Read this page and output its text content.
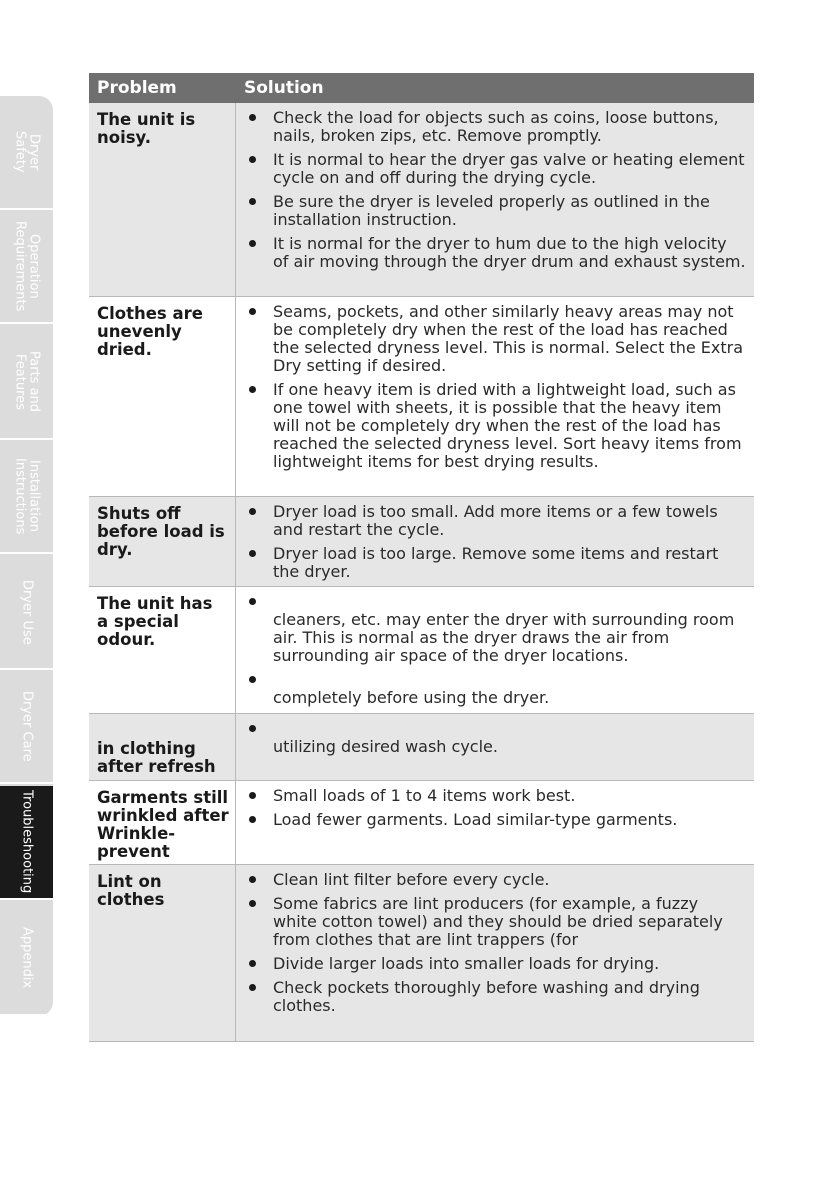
Dryer
Safety
Operation
Requirements
Parts and
Features
Installation
Instructions
Dryer Use
Dryer Care
Troubleshooting
Appendix
Problem	Solution
The unit is noisy.
Check the load for objects such as coins, loose buttons, nails, broken zips, etc. Remove promptly.
It is normal to hear the dryer gas valve or heating element cycle on and off during the drying cycle.
Be sure the dryer is leveled properly as outlined in the installation instruction.
It is normal for the dryer to hum due to the high velocity of air moving through the dryer drum and exhaust system.
Clothes are unevenly dried.
Seams, pockets, and other similarly heavy areas may not be completely dry when the rest of the load has reached the selected dryness level. This is normal. Select the Extra Dry setting if desired.
If one heavy item is dried with a lightweight load, such as one towel with sheets, it is possible that the heavy item will not be completely dry when the rest of the load has reached the selected dryness level. Sort heavy items from lightweight items for best drying results.
Shuts off before load is dry.
Dryer load is too small. Add more items or a few towels and restart the cycle.
Dryer load is too large. Remove some items and restart the dryer.
The unit has a special odour.

cleaners, etc. may enter the dryer with surrounding room air. This is normal as the dryer draws the air from surrounding air space of the dryer locations.

completely before using the dryer.

in clothing after refresh

utilizing desired wash cycle.
Garments still wrinkled after Wrinkle-prevent
Small loads of 1 to 4 items work best.
Load fewer garments. Load similar-type garments.
Lint on clothes
Clean lint filter before every cycle.
Some fabrics are lint producers (for example, a fuzzy white cotton towel) and they should be dried separately from clothes that are lint trappers (for

Divide larger loads into smaller loads for drying.
Check pockets thoroughly before washing and drying clothes.
